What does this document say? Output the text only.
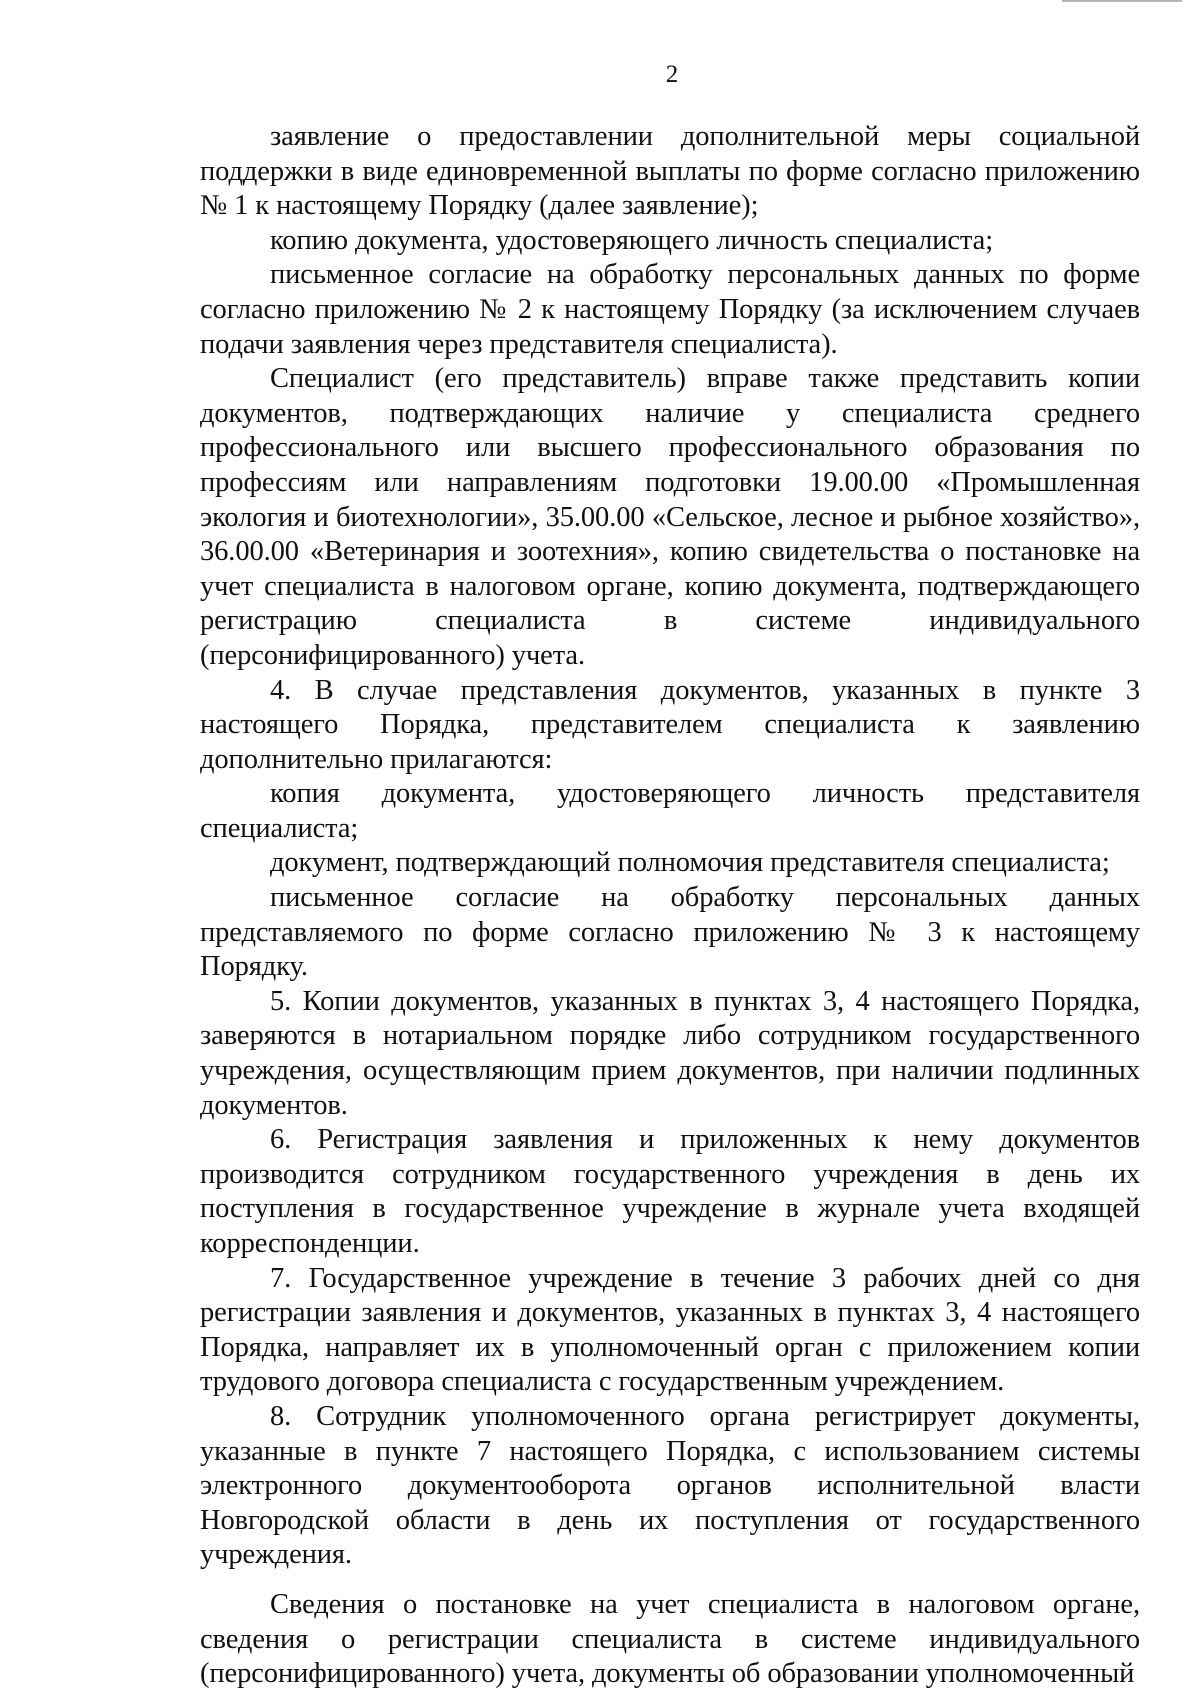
2

заявление о предоставлении дополнительной меры социальной поддержки в виде единовременной выплаты по форме согласно приложению № 1 к настоящему Порядку (далее заявление);

копию документа, удостоверяющего личность специалиста;

письменное согласие на обработку персональных данных по форме согласно приложению № 2 к настоящему Порядку (за исключением случаев подачи заявления через представителя специалиста).

Специалист (его представитель) вправе также представить копии документов, подтверждающих наличие у специалиста среднего профессионального или высшего профессионального образования по профессиям или направлениям подготовки 19.00.00 «Промышленная экология и биотехнологии», 35.00.00 «Сельское, лесное и рыбное хозяйство», 36.00.00 «Ветеринария и зоотехния», копию свидетельства о постановке на учет специалиста в налоговом органе, копию документа, подтверждающего регистрацию специалиста в системе индивидуального (персонифицированного) учета.

4. В случае представления документов, указанных в пункте 3 настоящего Порядка, представителем специалиста к заявлению дополнительно прилагаются:

копия документа, удостоверяющего личность представителя специалиста;

документ, подтверждающий полномочия представителя специалиста;

письменное согласие на обработку персональных данных представляемого по форме согласно приложению № 3 к настоящему Порядку.

5. Копии документов, указанных в пунктах 3, 4 настоящего Порядка, заверяются в нотариальном порядке либо сотрудником государственного учреждения, осуществляющим прием документов, при наличии подлинных документов.

6. Регистрация заявления и приложенных к нему документов производится сотрудником государственного учреждения в день их поступления в государственное учреждение в журнале учета входящей корреспонденции.

7. Государственное учреждение в течение 3 рабочих дней со дня регистрации заявления и документов, указанных в пунктах 3, 4 настоящего Порядка, направляет их в уполномоченный орган с приложением копии трудового договора специалиста с государственным учреждением.

8. Сотрудник уполномоченного органа регистрирует документы, указанные в пункте 7 настоящего Порядка, с использованием системы электронного документооборота органов исполнительной власти Новгородской области в день их поступления от государственного учреждения.

Сведения о постановке на учет специалиста в налоговом органе, сведения о регистрации специалиста в системе индивидуального (персонифицированного) учета, документы об образовании уполномоченный
